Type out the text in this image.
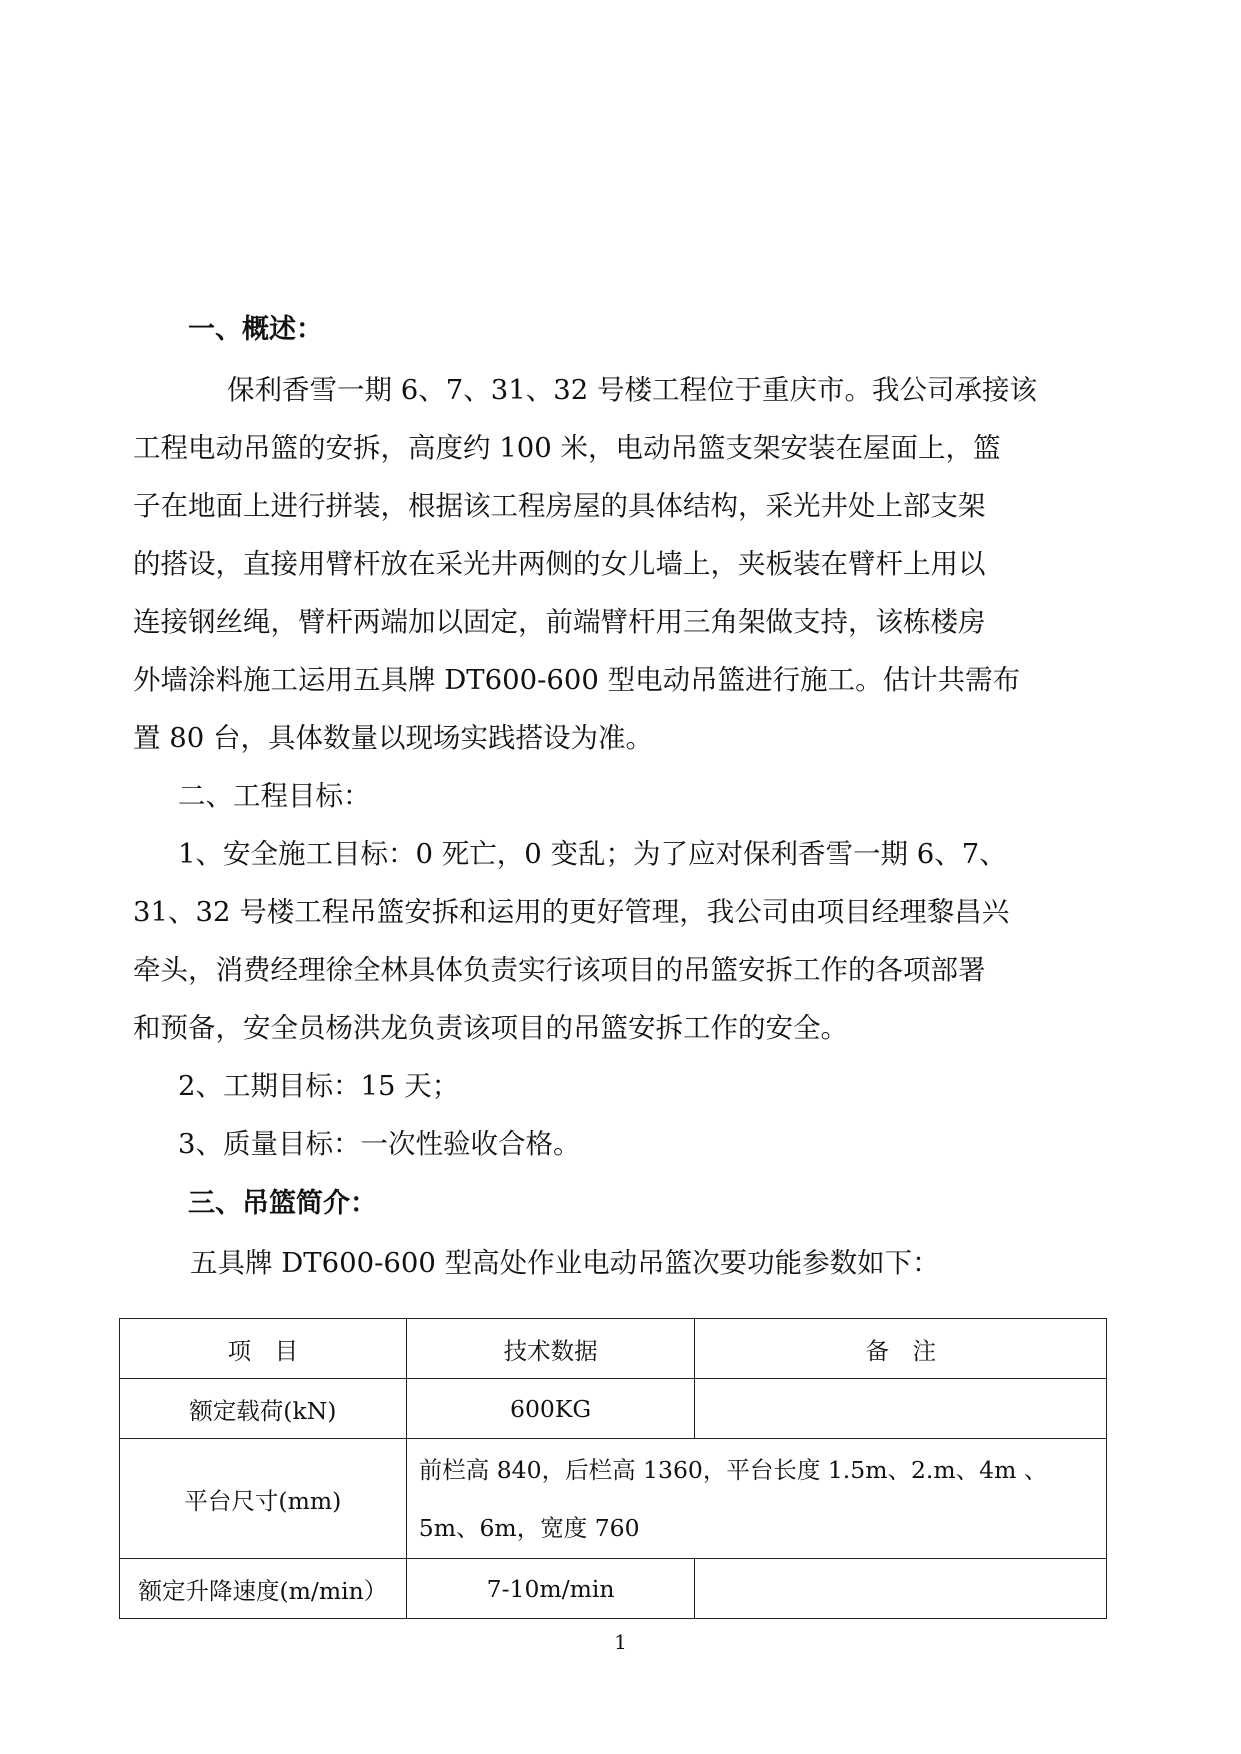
一、概述：
保利香雪一期 6、7、31、32 号楼工程位于重庆市。我公司承接该
工程电动吊篮的安拆，高度约 100 米，电动吊篮支架安装在屋面上，篮
子在地面上进行拼装，根据该工程房屋的具体结构，采光井处上部支架
的搭设，直接用臂杆放在采光井两侧的女儿墙上，夹板装在臂杆上用以
连接钢丝绳，臂杆两端加以固定，前端臂杆用三角架做支持，该栋楼房
外墙涂料施工运用五具牌 DT600-600 型电动吊篮进行施工。估计共需布
置 80 台，具体数量以现场实践搭设为准。
二、工程目标：
1、安全施工目标：0 死亡，0 变乱；为了应对保利香雪一期 6、7、
31、32 号楼工程吊篮安拆和运用的更好管理，我公司由项目经理黎昌兴
牵头，消费经理徐全林具体负责实行该项目的吊篮安拆工作的各项部署
和预备，安全员杨洪龙负责该项目的吊篮安拆工作的安全。
2、工期目标：15 天；
3、质量目标：一次性验收合格。
三、吊篮简介：
五具牌 DT600-600 型高处作业电动吊篮次要功能参数如下：
项　目	技术数据	备　注
额定载荷(kN)	600KG	
平台尺寸(mm)	前栏高 840，后栏高 1360，平台长度 1.5m、2.m、4m 、
5m、6m，宽度 760	

额定升降速度(m/min）	7-10m/min	
1
